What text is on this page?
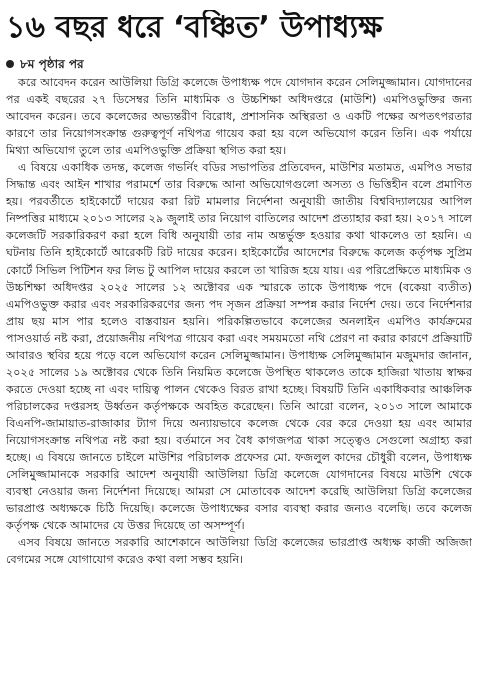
১৬ বছর ধরে ‘বঞ্চিত’ উপাধ্যক্ষ
৮ম পৃষ্ঠার পর

করে আবেদন করেন আউলিয়া ডিগ্রি কলেজে উপাধ্যক্ষ পদে যোগদান করেন সেলিমুজ্জামান। যোগদানের পর একই বছরের ২৭ ডিসেম্বর তিনি মাধ্যমিক ও উচ্চশিক্ষা অধিদপ্তরে (মাউশি) এমপিওভুক্তির জন্য আবেদন করেন। তবে কলেজের অভ্যন্তরীণ বিরোধ, প্রশাসনিক অস্থিরতা ও একটি পক্ষের অপতৎপরতার কারণে তার নিয়োগসংক্রান্ত গুরুত্বপূর্ণ নথিপত্র গায়েব করা হয় বলে অভিযোগ করেন তিনি। এক পর্যায়ে মিথ্যা অভিযোগ তুলে তার এমপিওভুক্তি প্রক্রিয়া স্থগিত করা হয়।

এ বিষয়ে একাধিক তদন্ত, কলেজ গভর্নিং বডির সভাপতির প্রতিবেদন, মাউশির মতামত, এমপিও সভার সিদ্ধান্ত এবং আইন শাখার পরামর্শে তার বিরুদ্ধে আনা অভিযোগগুলো অসত্য ও ভিত্তিহীন বলে প্রমাণিত হয়। পরবর্তীতে হাইকোর্টে দায়ের করা রিট মামলার নির্দেশনা অনুযায়ী জাতীয় বিশ্ববিদ্যালয়ের আপিল নিষ্পত্তির মাধ্যমে ২০১৩ সালের ২৯ জুলাই তার নিয়োগ বাতিলের আদেশ প্রত্যাহার করা হয়। ২০১৭ সালে কলেজটি সরকারিকরণ করা হলে বিধি অনুযায়ী তার নাম অন্তর্ভুক্ত হওয়ার কথা থাকলেও তা হয়নি। এ ঘটনায় তিনি হাইকোর্টে আরেকটি রিট দায়ের করেন। হাইকোর্টের আদেশের বিরুদ্ধে কলেজ কর্তৃপক্ষ সুপ্রিম কোর্টে সিভিল পিটিশন ফর লিভ টু আপিল দায়ের করলে তা খারিজ হয়ে যায়। এর পরিপ্রেক্ষিতে মাধ্যমিক ও উচ্চশিক্ষা অধিদপ্তর ২০২৫ সালের ১২ অক্টোবর এক স্মারকে তাকে উপাধ্যক্ষ পদে (বকেয়া ব্যতীত) এমপিওভুক্ত করার এবং সরকারিকরণের জন্য পদ সৃজন প্রক্রিয়া সম্পন্ন করার নির্দেশ দেয়। তবে নির্দেশনার প্রায় ছয় মাস পার হলেও বাস্তবায়ন হয়নি। পরিকল্পিতভাবে কলেজের অনলাইন এমপিও কার্যক্রমের পাসওয়ার্ড নষ্ট করা, প্রয়োজনীয় নথিপত্র গায়েব করা এবং সময়মতো নথি প্রেরণ না করার কারণে প্রক্রিয়াটি আবারও স্থবির হয়ে পড়ে বলে অভিযোগ করেন সেলিমুজ্জামান। উপাধ্যক্ষ সেলিমুজ্জামান মজুমদার জানান, ২০২৫ সালের ১৯ অক্টোবর থেকে তিনি নিয়মিত কলেজে উপস্থিত থাকলেও তাকে হাজিরা খাতায় স্বাক্ষর করতে দেওয়া হচ্ছে না এবং দায়িত্ব পালন থেকেও বিরত রাখা হচ্ছে। বিষয়টি তিনি একাধিকবার আঞ্চলিক পরিচালকের দপ্তরসহ উর্ধ্বতন কর্তৃপক্ষকে অবহিত করেছেন। তিনি আরো বলেন, ২০১৩ সালে আমাকে বিএনপি-জামায়াত-রাজাকার ট্যাগ দিয়ে অন্যায়ভাবে কলেজ থেকে বের করে দেওয়া হয় এবং আমার নিয়োগসংক্রান্ত নথিপত্র নষ্ট করা হয়। বর্তমানে সব বৈধ কাগজপত্র থাকা সত্ত্বেও সেগুলো অগ্রাহ্য করা হচ্ছে। এ বিষয়ে জানতে চাইলে মাউশির পরিচালক প্রফেসর মো. ফজলুল কাদের চৌধুরী বলেন, উপাধ্যক্ষ সেলিমুজ্জামানকে সরকারি আদেশ অনুযায়ী আউলিয়া ডিগ্রি কলেজে যোগদানের বিষয়ে মাউশি থেকে ব্যবস্থা নেওয়ার জন্য নির্দেশনা দিয়েছে। আমরা সে মোতাবেক আদেশ করেছি আউলিয়া ডিগ্রি কলেজের ভারপ্রাপ্ত অধ্যক্ষকে চিঠি দিয়েছি। কলেজে উপাধ্যক্ষের বসার ব্যবস্থা করার জন্যও বলেছি। তবে কলেজ কর্তৃপক্ষ থেকে আমাদের যে উত্তর দিয়েছে তা অসম্পূর্ণ।

এসব বিষয়ে জানতে সরকারি আশেকানে আউলিয়া ডিগ্রি কলেজের ভারপ্রাপ্ত অধ্যক্ষ কাজী অজিজা বেগমের সঙ্গে যোগাযোগ করেও কথা বলা সম্ভব হয়নি।
